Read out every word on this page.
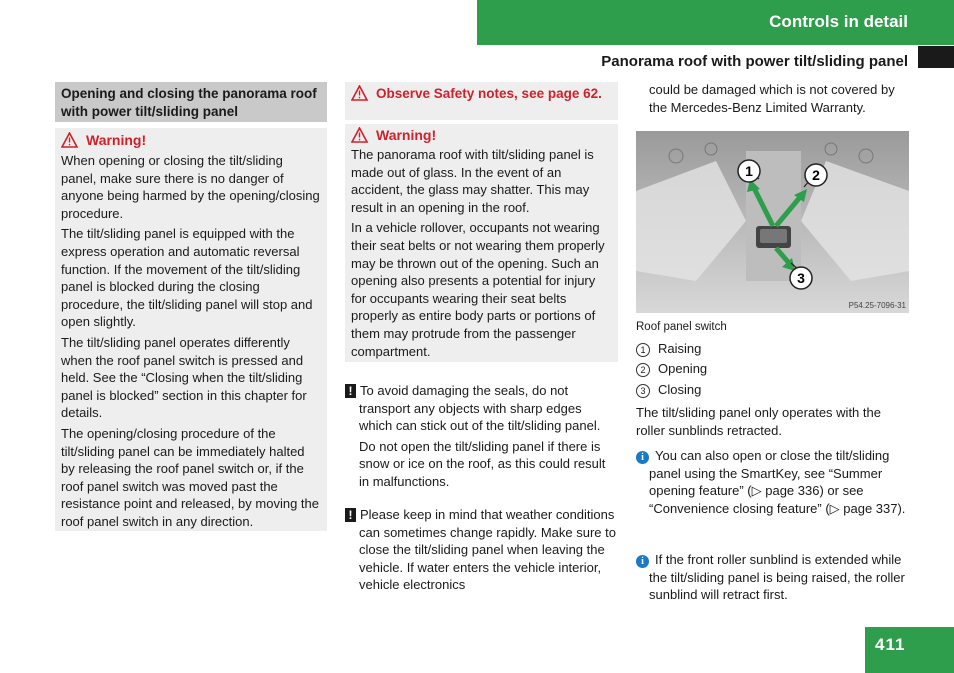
Controls in detail
Panorama roof with power tilt/sliding panel

Opening and closing the panorama roof with power tilt/sliding panel

Warning!

When opening or closing the tilt/sliding panel, make sure there is no danger of anyone being harmed by the opening/closing procedure.

The tilt/sliding panel is equipped with the express operation and automatic reversal function. If the movement of the tilt/sliding panel is blocked during the closing procedure, the tilt/sliding panel will stop and open slightly.

The tilt/sliding panel operates differently when the roof panel switch is pressed and held. See the “Closing when the tilt/sliding panel is blocked” section in this chapter for details.

The opening/closing procedure of the tilt/sliding panel can be immediately halted by releasing the roof panel switch or, if the roof panel switch was moved past the resistance point and released, by moving the roof panel switch in any direction.

Observe Safety notes, see page 62.
Warning!

The panorama roof with tilt/sliding panel is made out of glass. In the event of an accident, the glass may shatter. This may result in an opening in the roof.

In a vehicle rollover, occupants not wearing their seat belts or not wearing them properly may be thrown out of the opening. Such an opening also presents a potential for injury for occupants wearing their seat belts properly as entire body parts or portions of them may protrude from the passenger compartment.

! To avoid damaging the seals, do not transport any objects with sharp edges which can stick out of the tilt/sliding panel.

Do not open the tilt/sliding panel if there is snow or ice on the roof, as this could result in malfunctions.

! Please keep in mind that weather conditions can sometimes change rapidly. Make sure to close the tilt/sliding panel when leaving the vehicle. If water enters the vehicle interior, vehicle electronics

could be damaged which is not covered by the Mercedes-Benz Limited Warranty.

1	2
3
P54.25-7096-31

Roof panel switch

1 Raising

2 Opening

3 Closing

The tilt/sliding panel only operates with the roller sunblinds retracted.

i You can also open or close the tilt/sliding panel using the SmartKey, see “Summer opening feature” (▷ page 336) or see “Convenience closing feature” (▷ page 337).

i If the front roller sunblind is extended while the tilt/sliding panel is being raised, the roller sunblind will retract first.

411
